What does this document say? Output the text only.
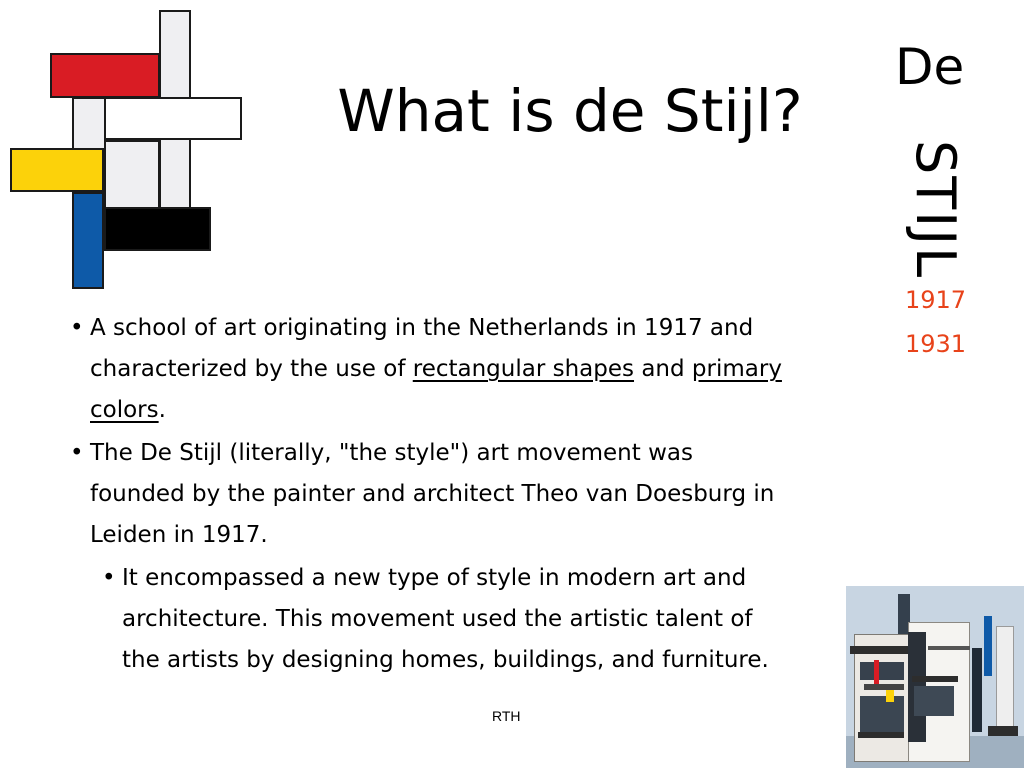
What is de Stijl?
De
STIJL
1917
1931
• A school of art originating in the Netherlands in 1917 and characterized by the use of rectangular shapes and primary colors.
• The De Stijl (literally, "the style") art movement was founded by the painter and architect Theo van Doesburg in Leiden in 1917.
• It encompassed a new type of style in modern art and architecture. This movement used the artistic talent of the artists by designing homes, buildings, and furniture.
RTH
